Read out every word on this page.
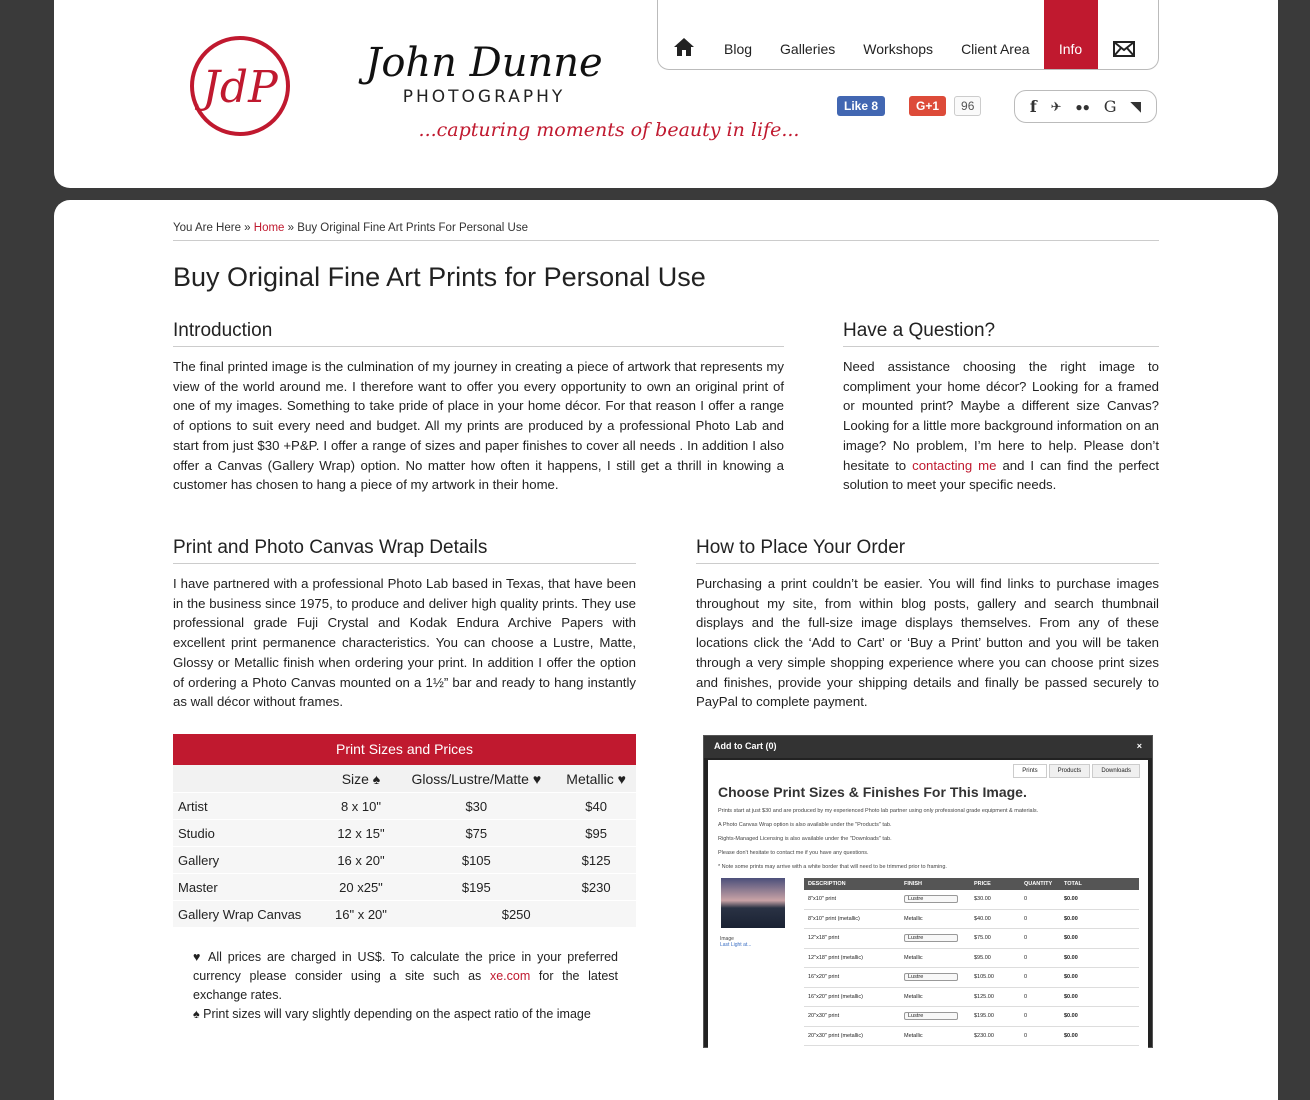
JdP John Dunne
PHOTOGRAPHY
...capturing moments of beauty in life...
Blog	Galleries	Workshops	Client Area	Info
Like 8	G+1	96	f ✈ ●● G ◥
You Are Here » Home » Buy Original Fine Art Prints For Personal Use
Buy Original Fine Art Prints for Personal Use
Introduction

The final printed image is the culmination of my journey in creating a piece of artwork that represents my view of the world around me. I therefore want to offer you every opportunity to own an original print of one of my images. Something to take pride of place in your home décor. For that reason I offer a range of options to suit every need and budget. All my prints are produced by a professional Photo Lab and start from just $30 +P&P. I offer a range of sizes and paper finishes to cover all needs . In addition I also offer a Canvas (Gallery Wrap) option. No matter how often it happens, I still get a thrill in knowing a customer has chosen to hang a piece of my artwork in their home.

Have a Question?

Need assistance choosing the right image to compliment your home décor? Looking for a framed or mounted print? Maybe a different size Canvas? Looking for a little more background information on an image? No problem, I’m here to help. Please don’t hesitate to contacting me and I can find the perfect solution to meet your specific needs.

Print and Photo Canvas Wrap Details

I have partnered with a professional Photo Lab based in Texas, that have been in the business since 1975, to produce and deliver high quality prints. They use professional grade Fuji Crystal and Kodak Endura Archive Papers with excellent print permanence characteristics. You can choose a Lustre, Matte, Glossy or Metallic finish when ordering your print. In addition I offer the option of ordering a Photo Canvas mounted on a 1½” bar and ready to hang instantly as wall décor without frames.

Print Sizes and Prices			
	Size ♠	Gloss/Lustre/Matte ♥	Metallic ♥
Artist	8 x 10"	$30	$40
Studio	12 x 15"	$75	$95
Gallery	16 x 20"	$105	$125
Master	20 x25"	$195	$230
Gallery Wrap Canvas	16" x 20"	$250	

♥ All prices are charged in US$. To calculate the price in your preferred currency please consider using a site such as xe.com for the latest exchange rates.

♠ Print sizes will vary slightly depending on the aspect ratio of the image

How to Place Your Order

Purchasing a print couldn’t be easier. You will find links to purchase images throughout my site, from within blog posts, gallery and search thumbnail displays and the full-size image displays themselves. From any of these locations click the ‘Add to Cart’ or ‘Buy a Print’ button and you will be taken through a very simple shopping experience where you can choose print sizes and finishes, provide your shipping details and finally be passed securely to PayPal to complete payment.

Add to Cart (0)	×
Prints	Products	Downloads
Choose Print Sizes & Finishes For This Image.
Prints start at just $30 and are produced by my experienced Photo lab partner using only professional grade equipment & materials.
A Photo Canvas Wrap option is also available under the "Products" tab.
Rights-Managed Licensing is also available under the "Downloads" tab.
Please don't hesitate to contact me if you have any questions.
* Note some prints may arrive with a white border that will need to be trimmed prior to framing.
Image
Last Light at...
DESCRIPTION	FINISH	PRICE	QUANTITY	TOTAL
8"x10" print	Lustre	$30.00	0	$0.00
8"x10" print (metallic)	Metallic	$40.00	0	$0.00
12"x18" print	Lustre	$75.00	0	$0.00
12"x18" print (metallic)	Metallic	$95.00	0	$0.00
16"x20" print	Lustre	$105.00	0	$0.00
16"x20" print (metallic)	Metallic	$125.00	0	$0.00
20"x30" print	Lustre	$195.00	0	$0.00
20"x30" print (metallic)	Metallic	$230.00	0	$0.00
